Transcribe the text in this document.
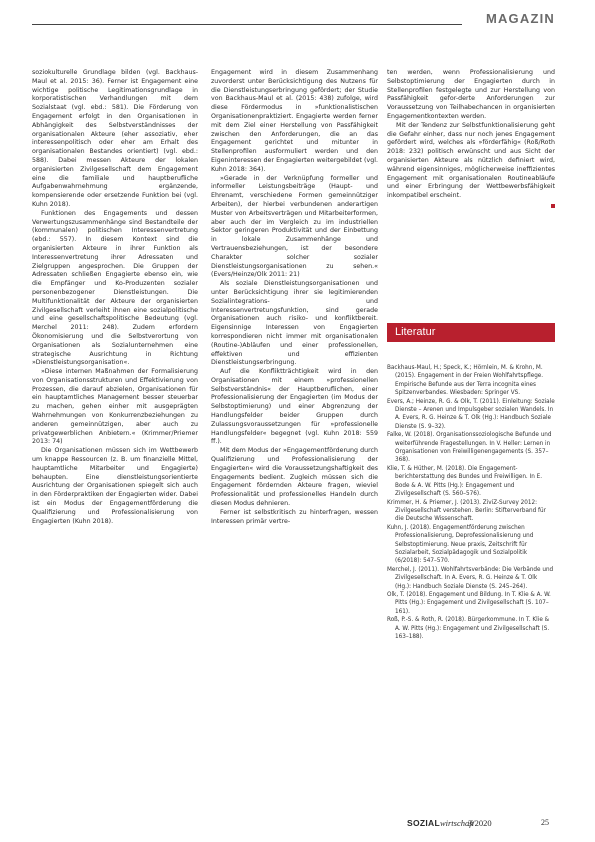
MAGAZIN

soziokulturelle Grundlage bilden (vgl. Backhaus-Maul et al. 2015: 36). Ferner ist Engagement eine wichtige politische Legitimationsgrundlage in korporatistischen Verhandlungen mit dem Sozialstaat (vgl. ebd.: 581). Die Förderung von Engagement erfolgt in den Organisationen in Abhängigkeit des Selbstverständnisses der organisationalen Akteure (eher assoziativ, eher interessenpolitisch oder eher am Erhalt des organisationalen Bestandes orientiert) (vgl. ebd.: 588). Dabei messen Akteure der lokalen organisierten Zivilgesellschaft dem Engagement eine die familiale und hauptberufliche Aufgabenwahrnehmung ergänzende, kompensierende oder ersetzende Funktion bei (vgl. Kuhn 2018).

Funktionen des Engagements und dessen Verwertungszusammenhänge sind Bestandteile der (kommunalen) politischen Interessenvertretung (ebd.: 557). In diesem Kontext sind die organisierten Akteure in ihrer Funktion als Interessenvertretung ihrer Adressaten und Zielgruppen angesprochen. Die Gruppen der Adressaten schließen Engagierte ebenso ein, wie die Empfänger und Ko-Produzenten sozialer personenbezogener Dienstleistungen. Die Multifunktionalität der Akteure der organisierten Zivilgesellschaft verleiht ihnen eine sozialpolitische und eine gesellschaftspolitische Bedeutung (vgl. Merchel 2011: 248). Zudem erfordern Ökonomisierung und die Selbstverortung von Organisationen als Sozialunternehmen eine strategische Ausrichtung in Richtung »Dienstleistungsorganisation«.

»Diese internen Maßnahmen der Formalisierung von Organisationsstrukturen und Effektivierung von Prozessen, die darauf abzielen, Organisationen für ein hauptamtliches Management besser steuerbar zu machen, gehen einher mit ausgeprägten Wahrnehmungen von Konkurrenzbeziehungen zu anderen gemeinnützigen, aber auch zu privatgewerblichen Anbietern.« (Krimmer/Priemer 2013: 74)

Die Organisationen müssen sich im Wettbewerb um knappe Ressourcen (z. B. um finanzielle Mittel, hauptamtliche Mitarbeiter und Engagierte) behaupten. Eine dienstleistungsorientierte Ausrichtung der Organisationen spiegelt sich auch in den Förderpraktiken der Engagierten wider. Dabei ist ein Modus der Engagementförderung die Qualifizierung und Professionalisierung von Engagierten (Kuhn 2018).

Engagement wird in diesem Zusammenhang zuvorderst unter Berücksichtigung des Nutzens für die Dienstleistungserbringung gefördert; der Studie von Backhaus-Maul et al. (2015: 438) zufolge, wird diese Fördermodus in »funktionalistischen Organisationenpraktiziert. Engagierte werden ferner mit dem Ziel einer Herstellung von Passfähigkeit zwischen den Anforderungen, die an das Engagement gerichtet und mitunter in Stellenprofilen ausformuliert werden und den Eigeninteressen der Engagierten weitergebildet (vgl. Kuhn 2018: 364).

»Gerade in der Verknüpfung formeller und informeller Leistungsbeiträge (Haupt- und Ehrenamt, verschiedene Formen gemeinnütziger Arbeiten), der hierbei verbundenen anderartigen Muster von Arbeitsverträgen und Mitarbeiterformen, aber auch der im Vergleich zu im industriellen Sektor geringeren Produktivität und der Einbettung in lokale Zusammenhänge und Vertrauensbeziehungen, ist der besondere Charakter solcher sozialer Dienstleistungsorganisationen zu sehen.« (Evers/Heinze/Olk 2011: 21)

Als soziale Dienstleistungsorganisationen und unter Berücksichtigung ihrer sie legitimierenden Sozialintegrations- und Interessenvertretungsfunktion, sind gerade Organisationen auch risiko- und konfliktbereit. Eigensinnige Interessen von Engagierten korrespondieren nicht immer mit organisationalen (Routine-)Abläufen und einer professionellen, effektiven und effizienten Dienstleistungserbringung.

Auf die Konfliktträchtigkeit wird in den Organisationen mit einem »professionellen Selbstverständnis« der Hauptberuflichen, einer Professionalisierung der Engagierten (im Modus der Selbstoptimierung) und einer Abgrenzung der Handlungsfelder beider Gruppen durch Zulassungsvoraussetzungen für »professionelle Handlungsfelder« begegnet (vgl. Kuhn 2018: 559 ff.).

Mit dem Modus der »Engagementförderung durch Qualifizierung und Professionalisierung der Engagierten« wird die Voraussetzungshaftigkeit des Engagements bedient. Zugleich müssen sich die Engagement fördernden Akteure fragen, wieviel Professionalität und professionelles Handeln durch diesen Modus dehnieren.

Ferner ist selbstkritisch zu hinterfragen, wessen Interessen primär vertre-

ten werden, wenn Professionalisierung und Selbstoptimierung der Engagierten durch in Stellenprofilen festgelegte und zur Herstellung von Passfähigkeit gefor-derte Anforderungen zur Voraussetzung von Teilhabechancen in organisierten Engagementkontexten werden.

Mit der Tendenz zur Selbstfunktionalisierung geht die Gefahr einher, dass nur noch jenes Engagement gefördert wird, welches als »förderfähig« (Roß/Roth 2018: 232) politisch erwünscht und aus Sicht der organisierten Akteure als nützlich definiert wird, während eigensinniges, möglicherweise ineffizientes Engagement mit organisationalen Routineabläufe und einer Erbringung der Wettbewerbsfähigkeit inkompatibel erscheint.

Literatur

Backhaus-Maul, H.; Speck, K.; Hörnlein, M. & Krohn, M. (2015). Engagement in der Freien Wohlfahrtspflege. Empirische Befunde aus der Terra incognita eines Spitzenverbandes. Wiesbaden: Springer VS.

Evers, A.; Heinze, R. G. & Olk, T. (2011). Einleitung: Soziale Dienste – Arenen und Impulsgeber sozialen Wandels. In A. Evers, R. G. Heinze & T. Olk (Hg.): Handbuch Soziale Dienste (S. 9–32).

Falke, W. (2018). Organisationssoziologische Befunde und weiterführende Fragestellungen. In V. Heller: Lernen in Organisationen von Freiwilligenengagements (S. 357–368).

Klie, T. & Hüther, M. (2018). Die Engagement-berichterstattung des Bundes und Freiwilligen. In E. Bode & A. W. Pitts (Hg.): Engagement und Zivilgesellschaft (S. 560–576).

Krimmer, H. & Priemer, J. (2013). ZiviZ-Survey 2012: Zivilgesellschaft verstehen. Berlin: Stifterverband für die Deutsche Wissenschaft.

Kuhn, J. (2018). Engagementförderung zwischen Professionalisierung, Deprofessionalisierung und Selbstoptimierung. Neue praxis, Zeitschrift für Sozialarbeit, Sozialpädagogik und Sozialpolitik (6/2018): 547–570.

Merchel, J. (2011). Wohlfahrtsverbände: Die Verbände und Zivilgesellschaft. In A. Evers, R. G. Heinze & T. Olk (Hg.): Handbuch Soziale Dienste (S. 245–264).

Olk, T. (2018). Engagement und Bildung. In T. Klie & A. W. Pitts (Hg.): Engagement und Zivilgesellschaft (S. 107–161).

Roß, P.-S. & Roth, R. (2018). Bürgerkommune. In T. Klie & A. W. Pitts (Hg.): Engagement und Zivilgesellschaft (S. 163–188).

SOZIALwirtschaft
3/2020	25
